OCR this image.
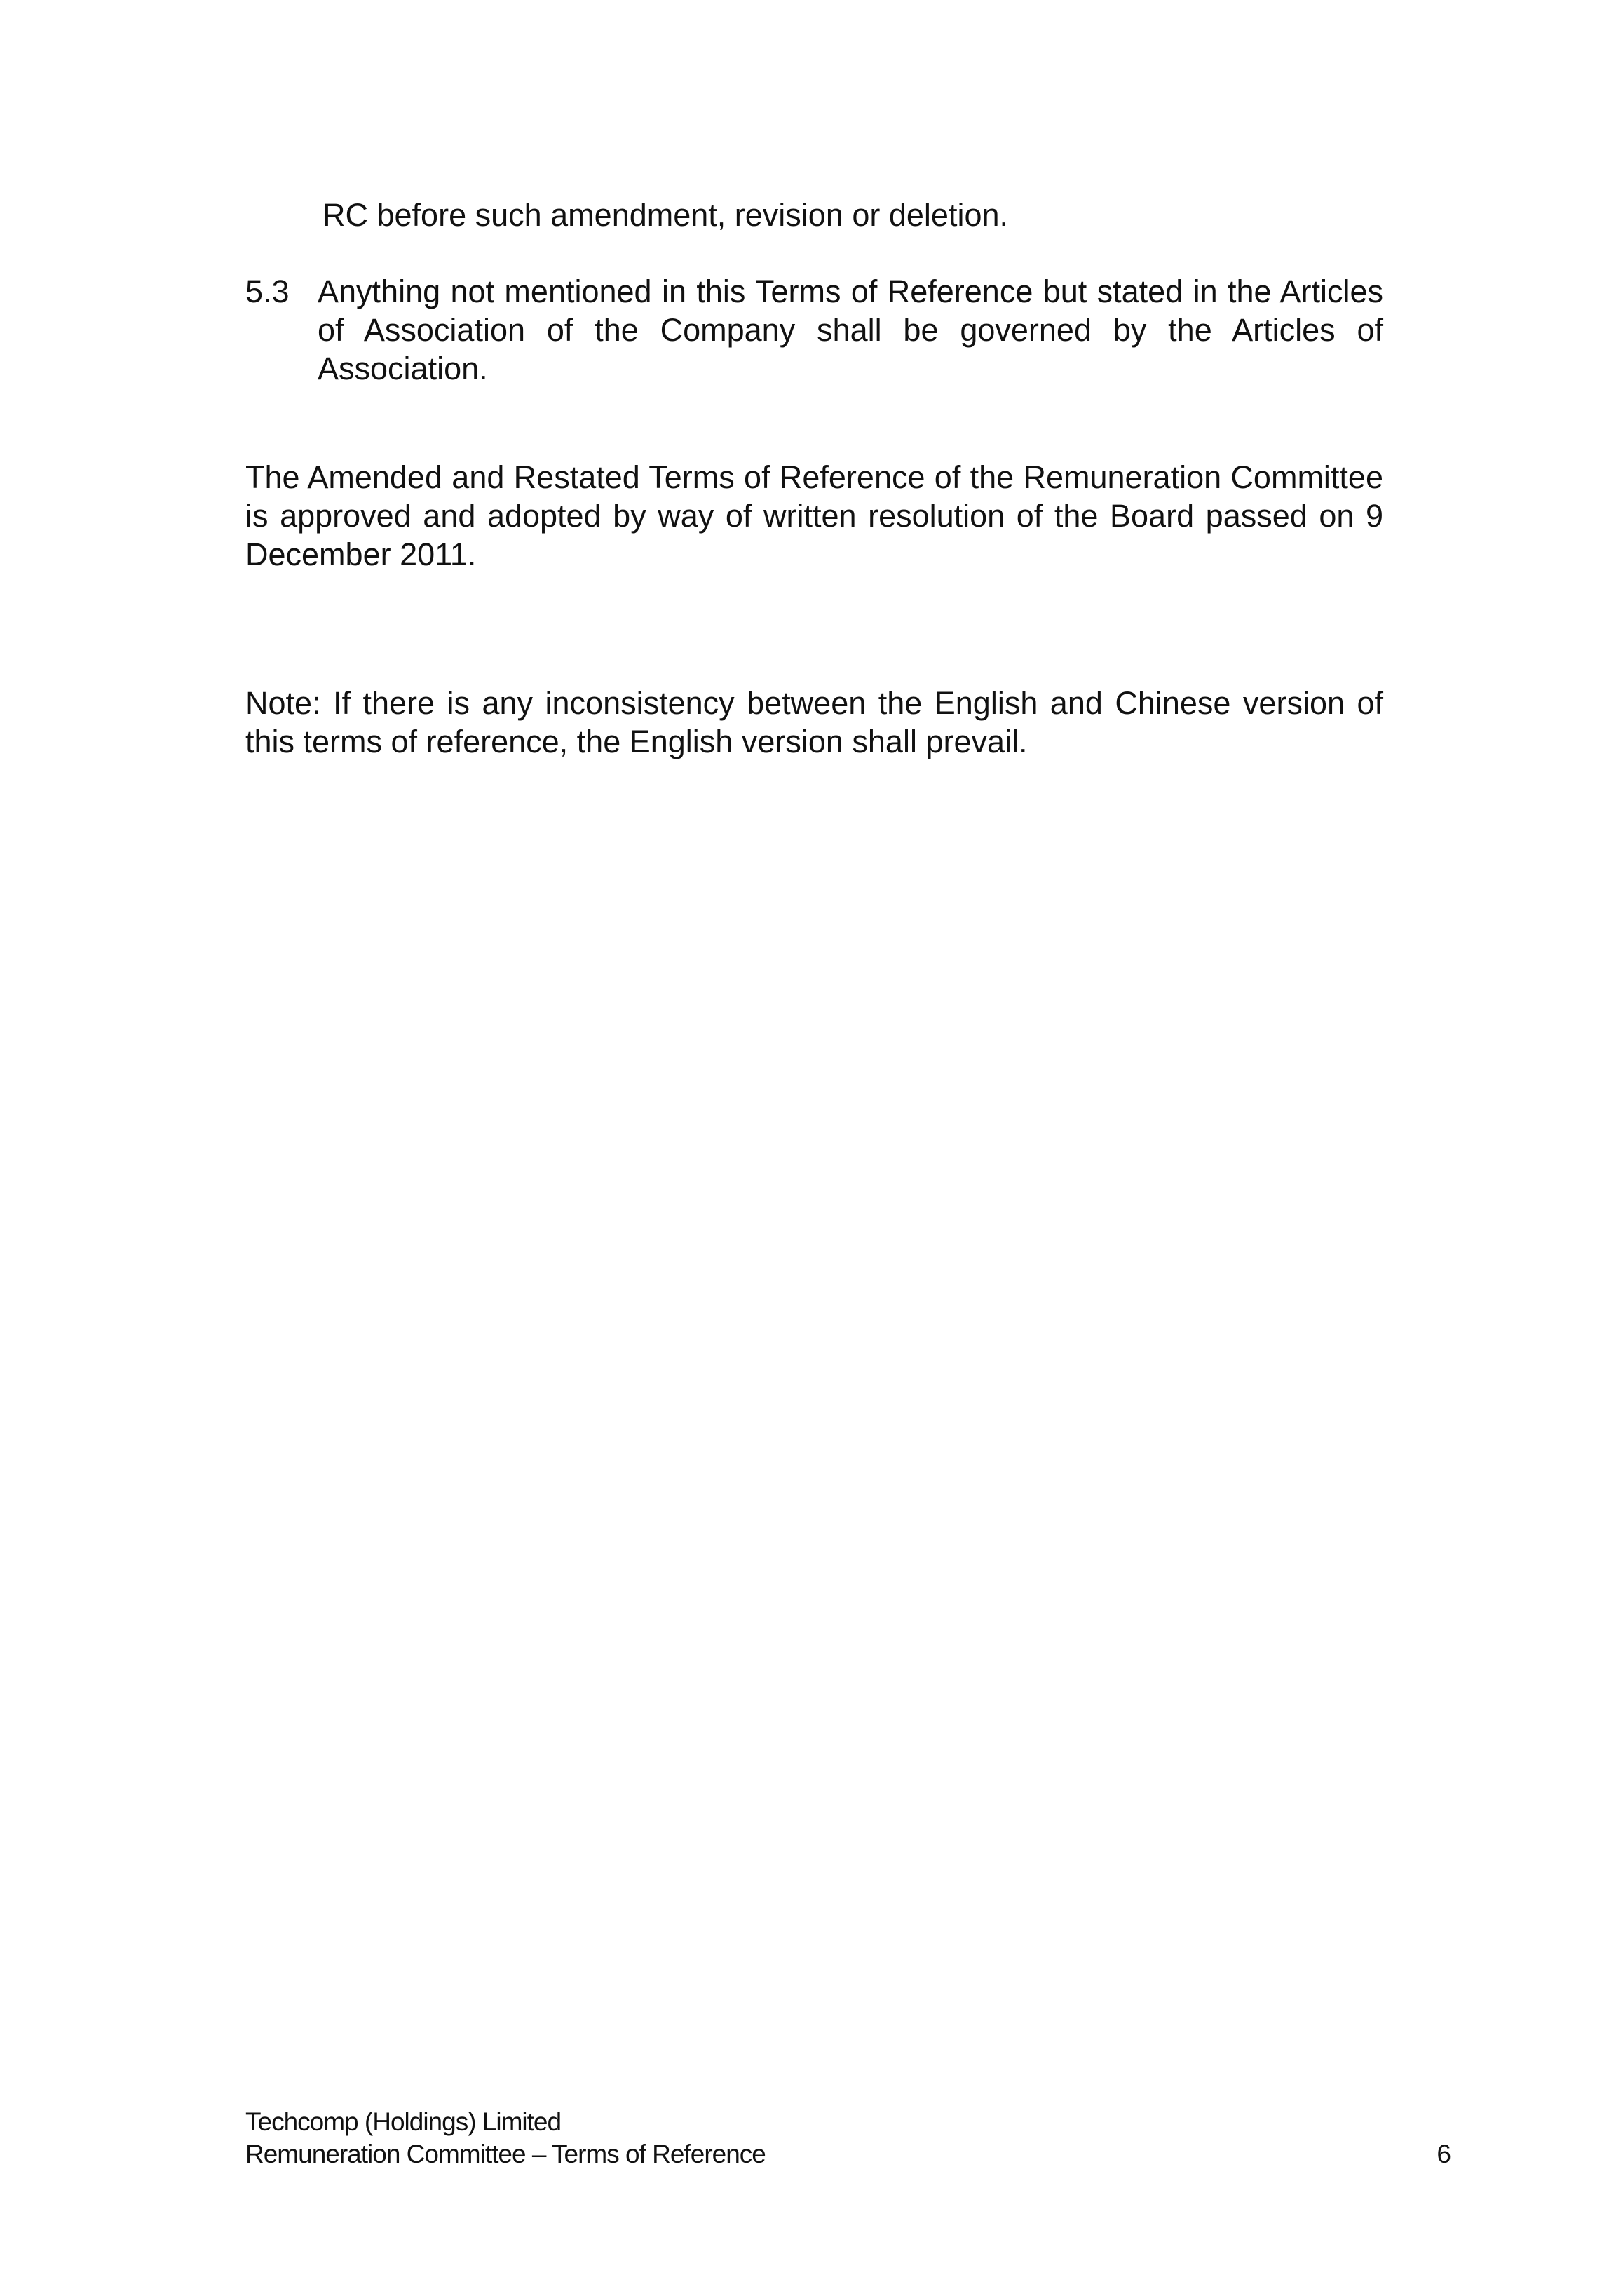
RC before such amendment, revision or deletion.
5.3 Anything not mentioned in this Terms of Reference but stated in the Articles of Association of the Company shall be governed by the Articles of Association.
The Amended and Restated Terms of Reference of the Remuneration Committee is approved and adopted by way of written resolution of the Board passed on 9 December 2011.
Note: If there is any inconsistency between the English and Chinese version of this terms of reference, the English version shall prevail.
Techcomp (Holdings) Limited
Remuneration Committee – Terms of Reference	6
